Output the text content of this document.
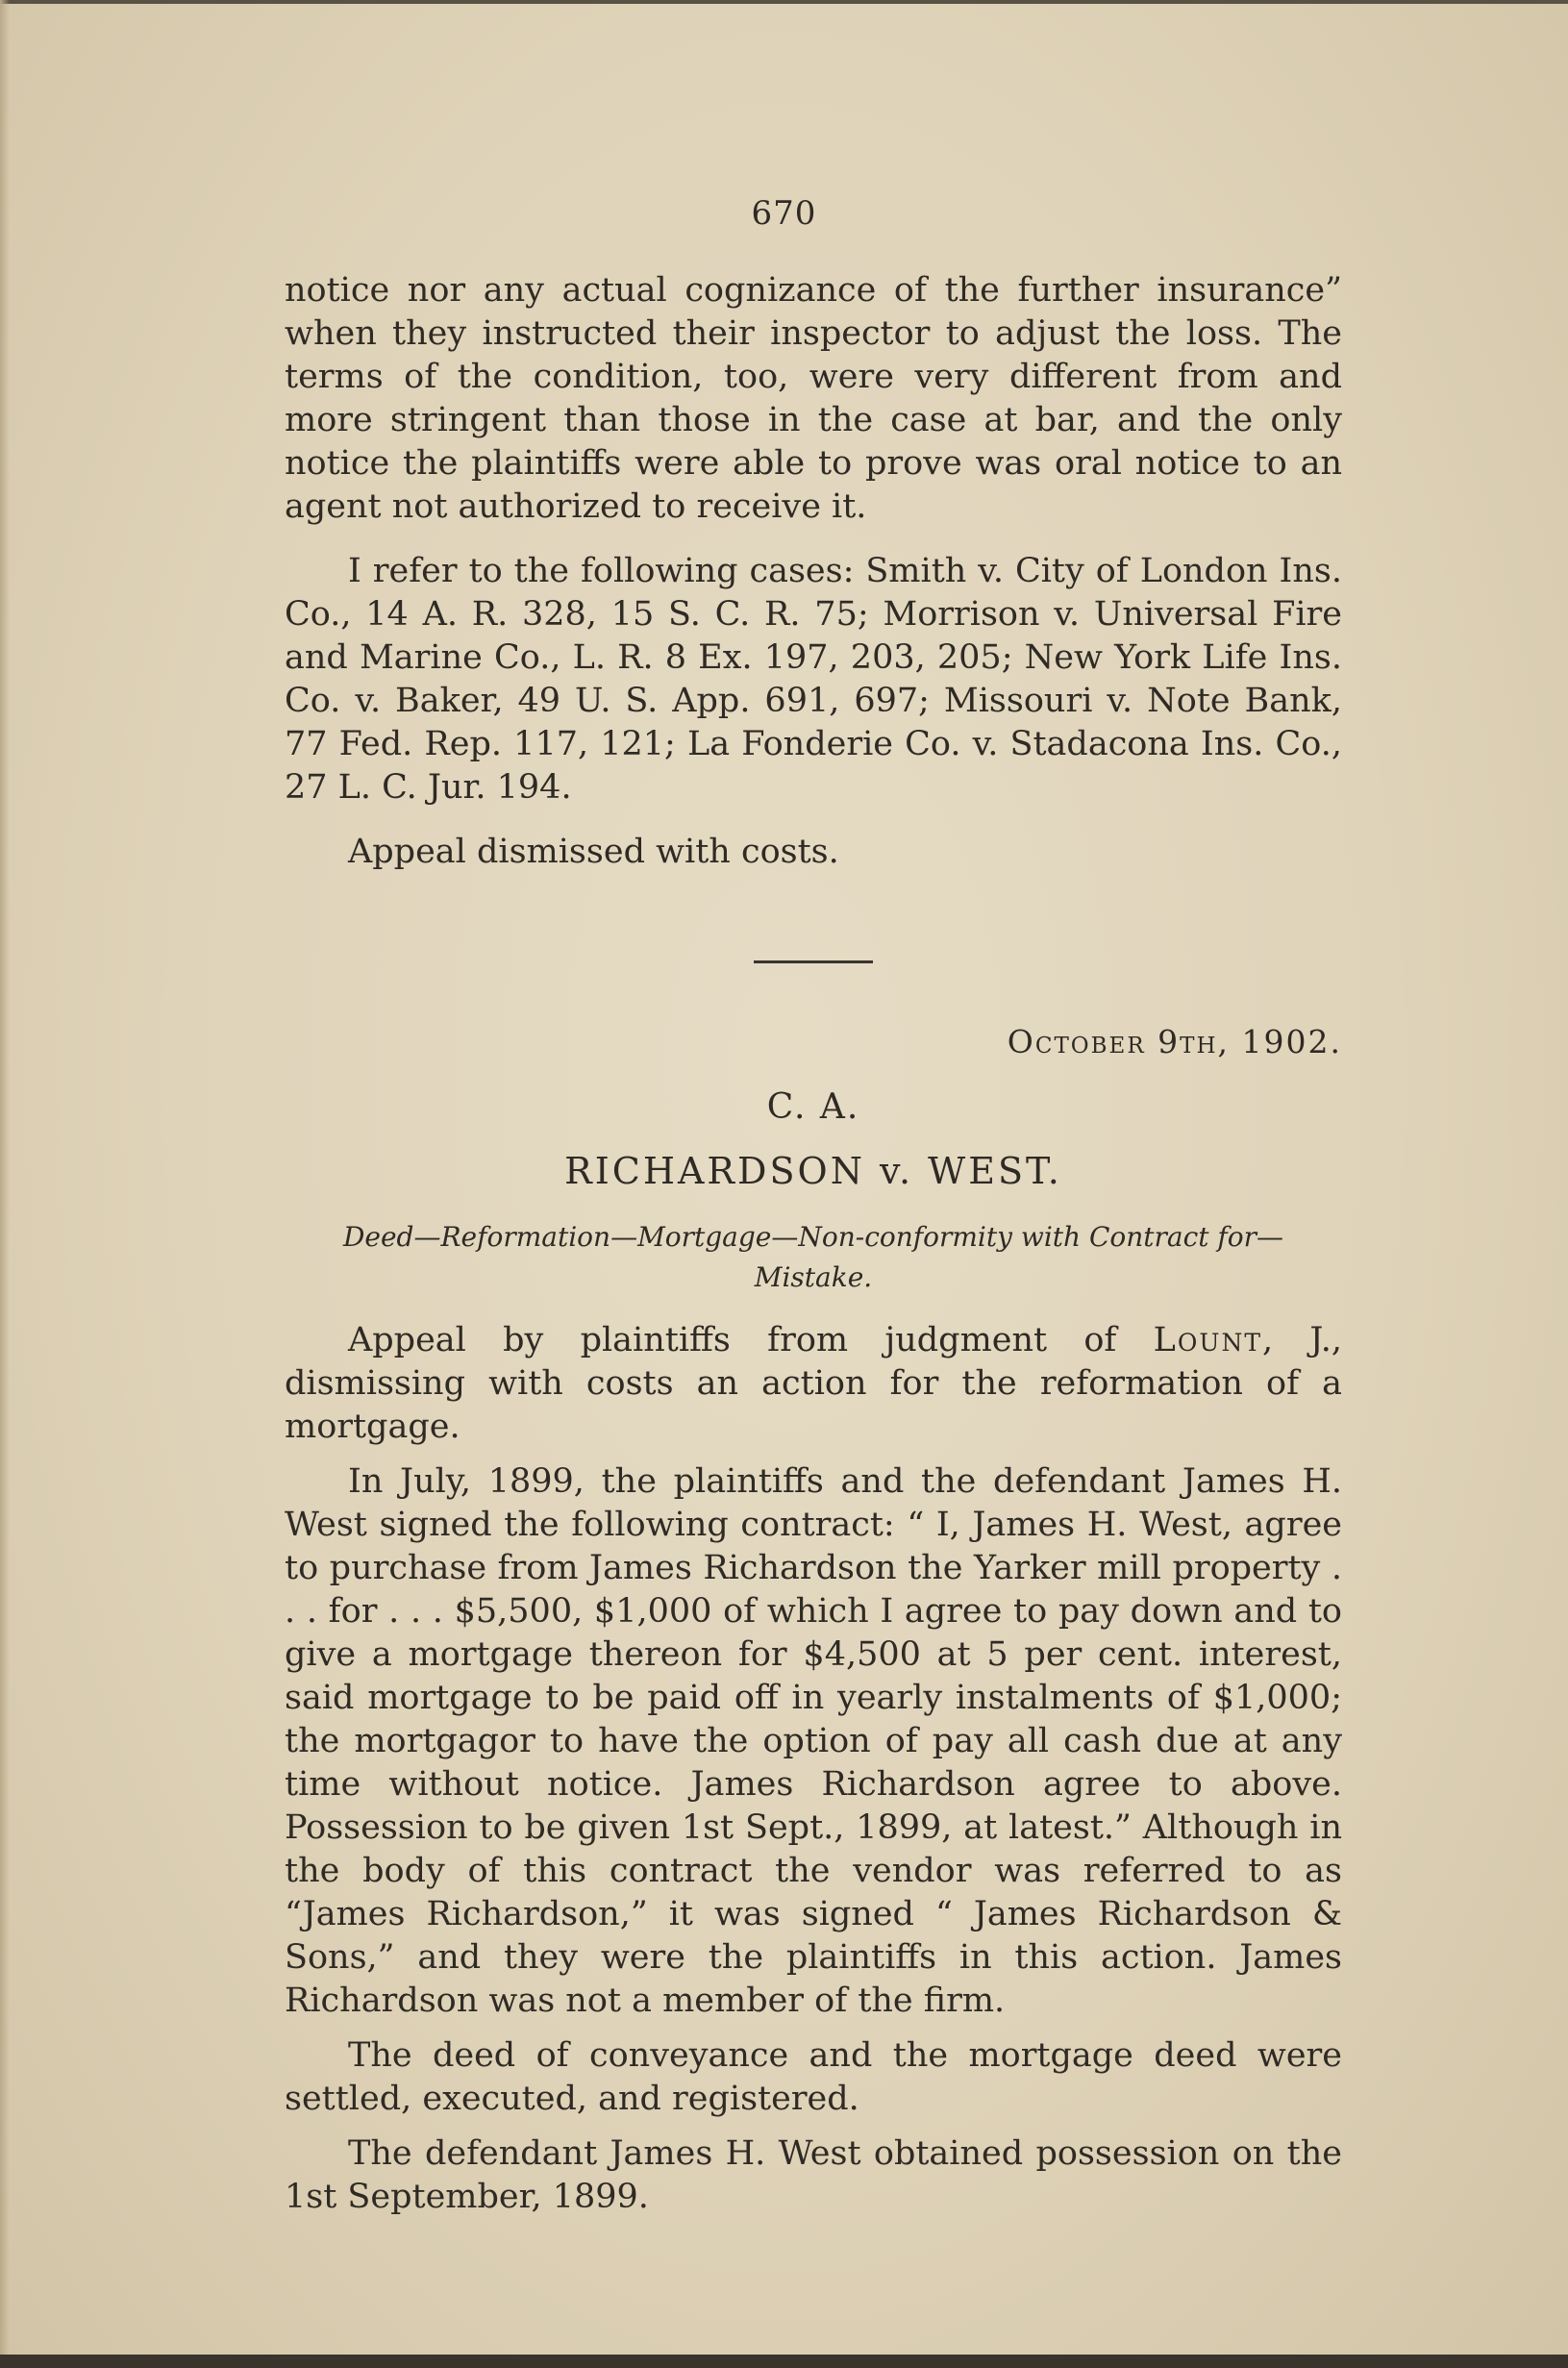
670

notice nor any actual cognizance of the further insurance” when they instructed their inspector to adjust the loss. The terms of the condition, too, were very different from and more stringent than those in the case at bar, and the only notice the plaintiffs were able to prove was oral notice to an agent not authorized to receive it.

I refer to the following cases: Smith v. City of London Ins. Co., 14 A. R. 328, 15 S. C. R. 75; Morrison v. Universal Fire and Marine Co., L. R. 8 Ex. 197, 203, 205; New York Life Ins. Co. v. Baker, 49 U. S. App. 691, 697; Missouri v. Note Bank, 77 Fed. Rep. 117, 121; La Fonderie Co. v. Stadacona Ins. Co., 27 L. C. Jur. 194.

Appeal dismissed with costs.

October 9th, 1902.
C. A.
RICHARDSON v. WEST.
Deed—Reformation—Mortgage—Non-conformity with Contract for—Mistake.

Appeal by plaintiffs from judgment of Lount, J., dismissing with costs an action for the reformation of a mortgage.

In July, 1899, the plaintiffs and the defendant James H. West signed the following contract: “ I, James H. West, agree to purchase from James Richardson the Yarker mill property . . . for . . . $5,500, $1,000 of which I agree to pay down and to give a mortgage thereon for $4,500 at 5 per cent. interest, said mortgage to be paid off in yearly instalments of $1,000; the mortgagor to have the option of pay all cash due at any time without notice. James Richardson agree to above. Possession to be given 1st Sept., 1899, at latest.” Although in the body of this contract the vendor was referred to as “James Richardson,” it was signed “ James Richardson & Sons,” and they were the plaintiffs in this action. James Richardson was not a member of the firm.

The deed of conveyance and the mortgage deed were settled, executed, and registered.

The defendant James H. West obtained possession on the 1st September, 1899.
